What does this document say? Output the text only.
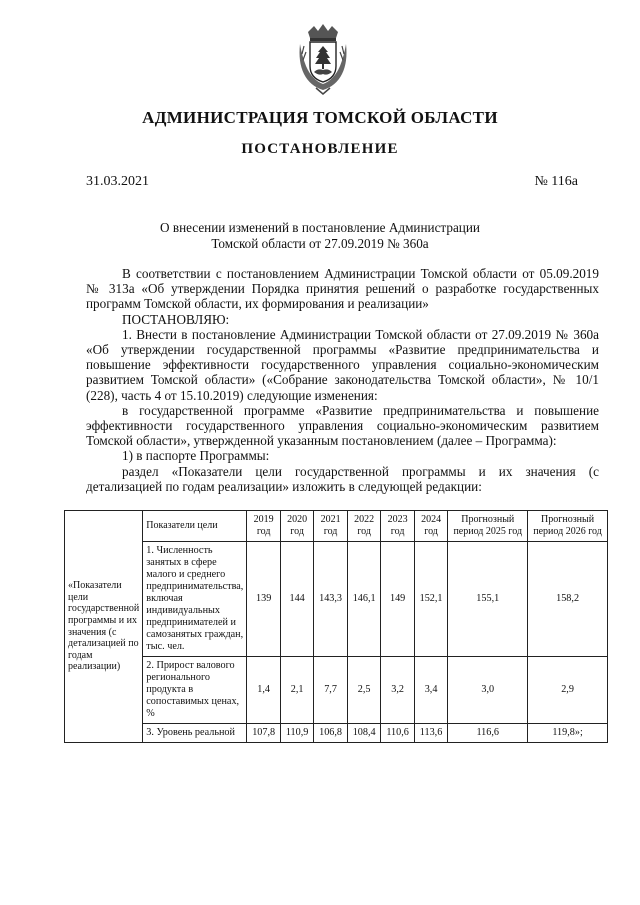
АДМИНИСТРАЦИЯ ТОМСКОЙ ОБЛАСТИ
ПОСТАНОВЛЕНИЕ
31.03.2021	№ 116а
О внесении изменений в постановление Администрации
Томской области от 27.09.2019 № 360а

В соответствии с постановлением Администрации Томской области от 05.09.2019 № 313а «Об утверждении Порядка принятия решений о разработке государственных программ Томской области, их формирования и реализации»

ПОСТАНОВЛЯЮ:

1. Внести в постановление Администрации Томской области от 27.09.2019 № 360а «Об утверждении государственной программы «Развитие предпринимательства и повышение эффективности государственного управления социально-экономическим развитием Томской области» («Собрание законодательства Томской области», № 10/1 (228), часть 4 от 15.10.2019) следующие изменения:

в государственной программе «Развитие предпринимательства и повышение эффективности государственного управления социально-экономическим развитием Томской области», утвержденной указанным постановлением (далее – Программа):

1) в паспорте Программы:

раздел «Показатели цели государственной программы и их значения (с детализацией по годам реализации» изложить в следующей редакции:

«Показатели цели государственной программы и их значения (с детализацией по годам реализации)	Показатели цели	2019 год	2020 год	2021 год	2022 год	2023 год	2024 год	Прогнозный период 2025 год	Прогнозный период 2026 год
	1. Численность занятых в сфере малого и среднего предпринимательства, включая индивидуальных предпринимателей и самозанятых граждан, тыс. чел.	139	144	143,3	146,1	149	152,1	155,1	158,2
	2. Прирост валового регионального продукта в сопоставимых ценах, %	1,4	2,1	7,7	2,5	3,2	3,4	3,0	2,9
	3. Уровень реальной	107,8	110,9	106,8	108,4	110,6	113,6	116,6	119,8»;
